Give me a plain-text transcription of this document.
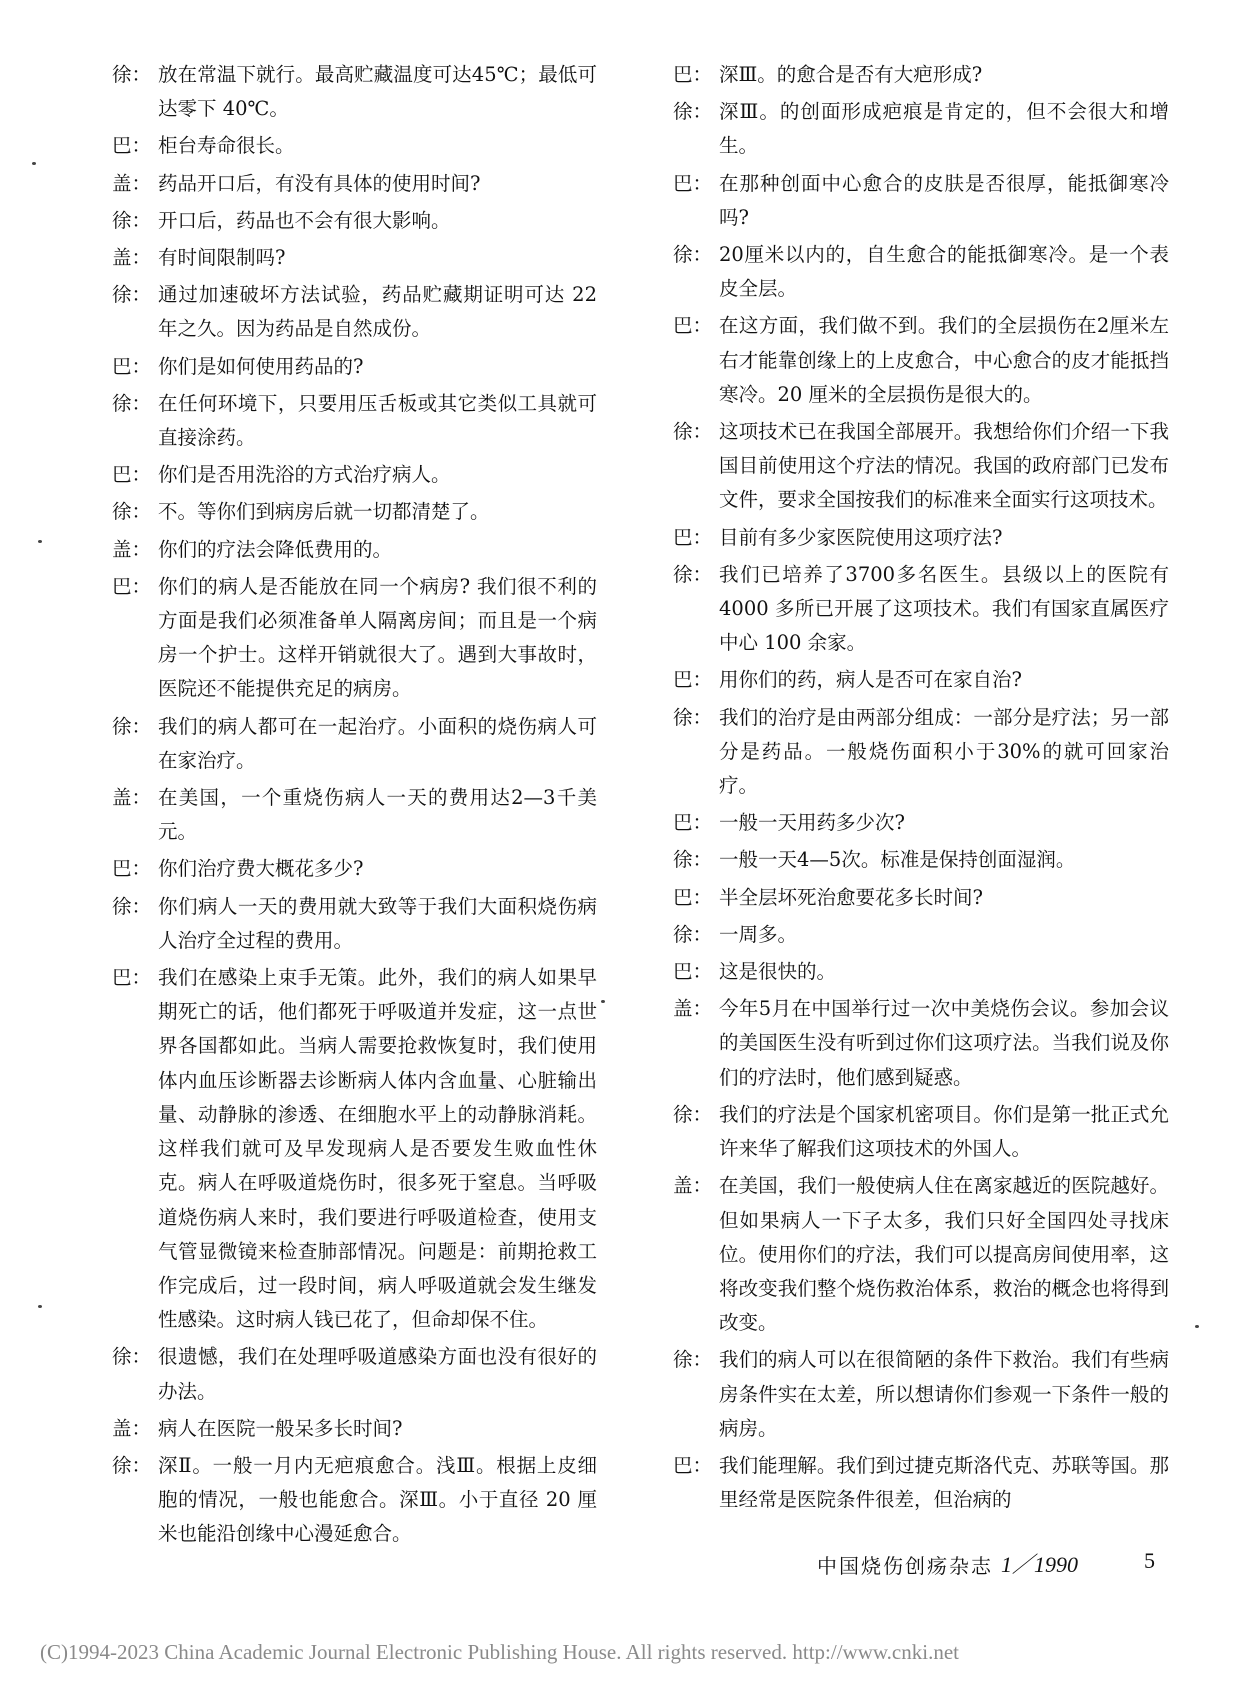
徐： 放在常温下就行。最高贮藏温度可达45℃；最低可达零下 40℃。
巴： 柜台寿命很长。
盖： 药品开口后，有没有具体的使用时间?
徐： 开口后，药品也不会有很大影响。
盖： 有时间限制吗?
徐： 通过加速破坏方法试验，药品贮藏期证明可达 22 年之久。因为药品是自然成份。
巴： 你们是如何使用药品的?
徐： 在任何环境下，只要用压舌板或其它类似工具就可直接涂药。
巴： 你们是否用洗浴的方式治疗病人。
徐： 不。等你们到病房后就一切都清楚了。
盖： 你们的疗法会降低费用的。
巴： 你们的病人是否能放在同一个病房? 我们很不利的方面是我们必须准备单人隔离房间；而且是一个病房一个护士。这样开销就很大了。遇到大事故时，医院还不能提供充足的病房。
徐： 我们的病人都可在一起治疗。小面积的烧伤病人可在家治疗。
盖： 在美国，一个重烧伤病人一天的费用达2—3千美元。
巴： 你们治疗费大概花多少?
徐： 你们病人一天的费用就大致等于我们大面积烧伤病人治疗全过程的费用。
巴： 我们在感染上束手无策。此外，我们的病人如果早期死亡的话，他们都死于呼吸道并发症，这一点世界各国都如此。当病人需要抢救恢复时，我们使用体内血压诊断器去诊断病人体内含血量、心脏输出量、动静脉的渗透、在细胞水平上的动静脉消耗。这样我们就可及早发现病人是否要发生败血性休克。病人在呼吸道烧伤时，很多死于窒息。当呼吸道烧伤病人来时，我们要进行呼吸道检查，使用支气管显微镜来检查肺部情况。问题是：前期抢救工作完成后，过一段时间，病人呼吸道就会发生继发性感染。这时病人钱已花了，但命却保不住。
徐： 很遗憾，我们在处理呼吸道感染方面也没有很好的办法。
盖： 病人在医院一般呆多长时间?
徐： 深Ⅱ。一般一月内无疤痕愈合。浅Ⅲ。根据上皮细胞的情况，一般也能愈合。深Ⅲ。小于直径 20 厘米也能沿创缘中心漫延愈合。
巴： 深Ⅲ。的愈合是否有大疤形成?
徐： 深Ⅲ。的创面形成疤痕是肯定的，但不会很大和增生。
巴： 在那种创面中心愈合的皮肤是否很厚，能抵御寒冷吗?
徐： 20厘米以内的，自生愈合的能抵御寒冷。是一个表皮全层。
巴： 在这方面，我们做不到。我们的全层损伤在2厘米左右才能靠创缘上的上皮愈合，中心愈合的皮才能抵挡寒冷。20 厘米的全层损伤是很大的。
徐： 这项技术已在我国全部展开。我想给你们介绍一下我国目前使用这个疗法的情况。我国的政府部门已发布文件，要求全国按我们的标准来全面实行这项技术。
巴： 目前有多少家医院使用这项疗法?
徐： 我们已培养了3700多名医生。县级以上的医院有 4000 多所已开展了这项技术。我们有国家直属医疗中心 100 余家。
巴： 用你们的药，病人是否可在家自治?
徐： 我们的治疗是由两部分组成：一部分是疗法；另一部分是药品。一般烧伤面积小于30%的就可回家治疗。
巴： 一般一天用药多少次?
徐： 一般一天4—5次。标准是保持创面湿润。
巴： 半全层坏死治愈要花多长时间?
徐： 一周多。
巴： 这是很快的。
盖： 今年5月在中国举行过一次中美烧伤会议。参加会议的美国医生没有听到过你们这项疗法。当我们说及你们的疗法时，他们感到疑惑。
徐： 我们的疗法是个国家机密项目。你们是第一批正式允许来华了解我们这项技术的外国人。
盖： 在美国，我们一般使病人住在离家越近的医院越好。但如果病人一下子太多，我们只好全国四处寻找床位。使用你们的疗法，我们可以提高房间使用率，这将改变我们整个烧伤救治体系，救治的概念也将得到改变。
徐： 我们的病人可以在很简陋的条件下救治。我们有些病房条件实在太差，所以想请你们参观一下条件一般的病房。
巴： 我们能理解。我们到过捷克斯洛代克、苏联等国。那里经常是医院条件很差，但治病的
中国烧伤创疡杂志 1／1990	5
(C)1994-2023 China Academic Journal Electronic Publishing House. All rights reserved. http://www.cnki.net
